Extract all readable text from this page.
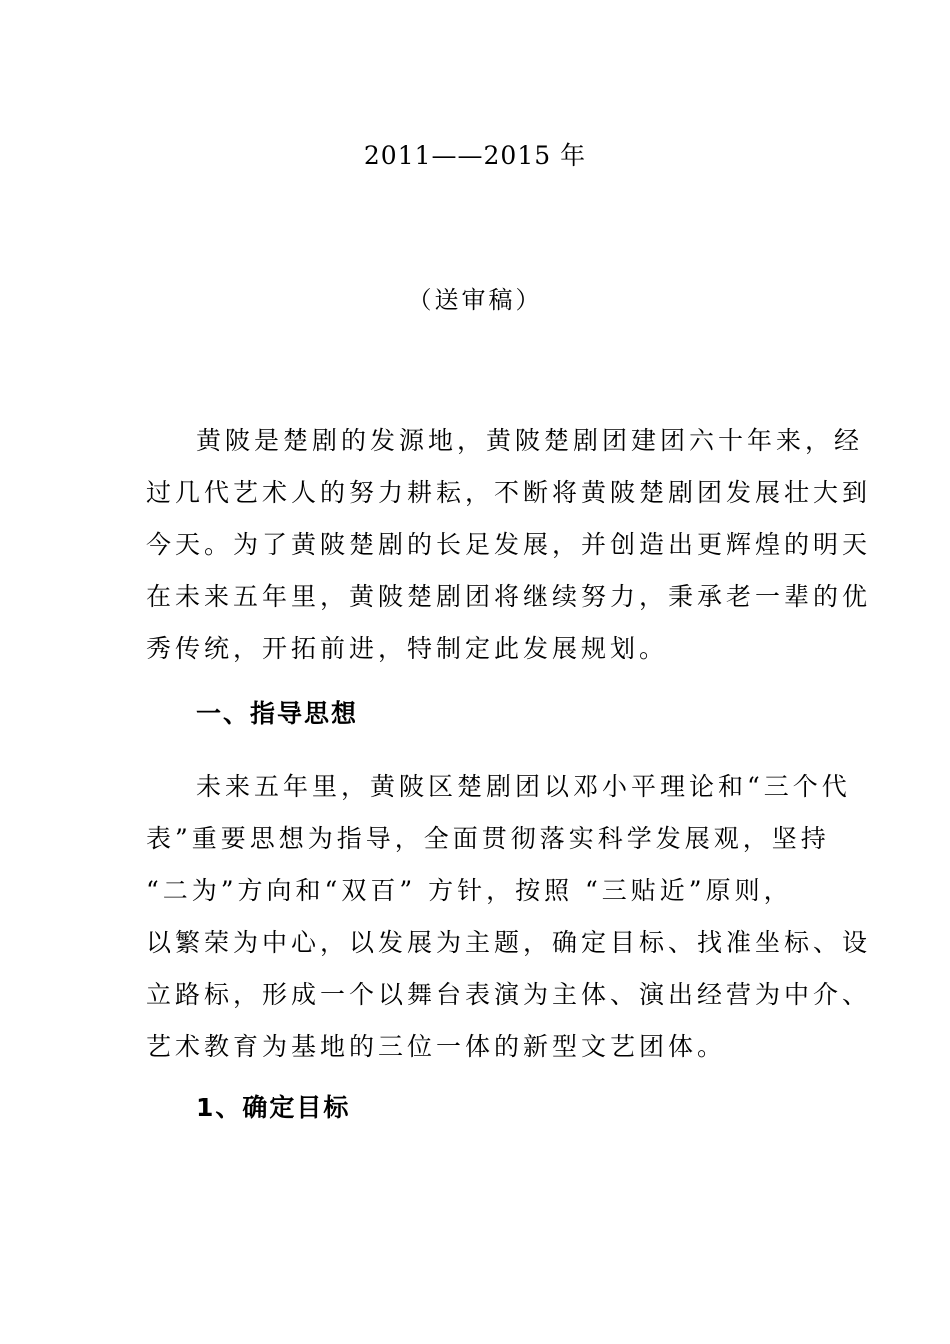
2011——2015 年
（送审稿）

黄陂是楚剧的发源地，黄陂楚剧团建团六十年来，经
过几代艺术人的努力耕耘，不断将黄陂楚剧团发展壮大到
今天。为了黄陂楚剧的长足发展，并创造出更辉煌的明天
在未来五年里，黄陂楚剧团将继续努力，秉承老一辈的优
秀传统，开拓前进，特制定此发展规划。

一、指导思想

未来五年里，黄陂区楚剧团以邓小平理论和“三个代
表”重要思想为指导，全面贯彻落实科学发展观，坚持
“二为”方向和“双百” 方针，按照 “三贴近”原则，
以繁荣为中心，以发展为主题，确定目标、找准坐标、设
立路标，形成一个以舞台表演为主体、演出经营为中介、
艺术教育为基地的三位一体的新型文艺团体。

1、确定目标
